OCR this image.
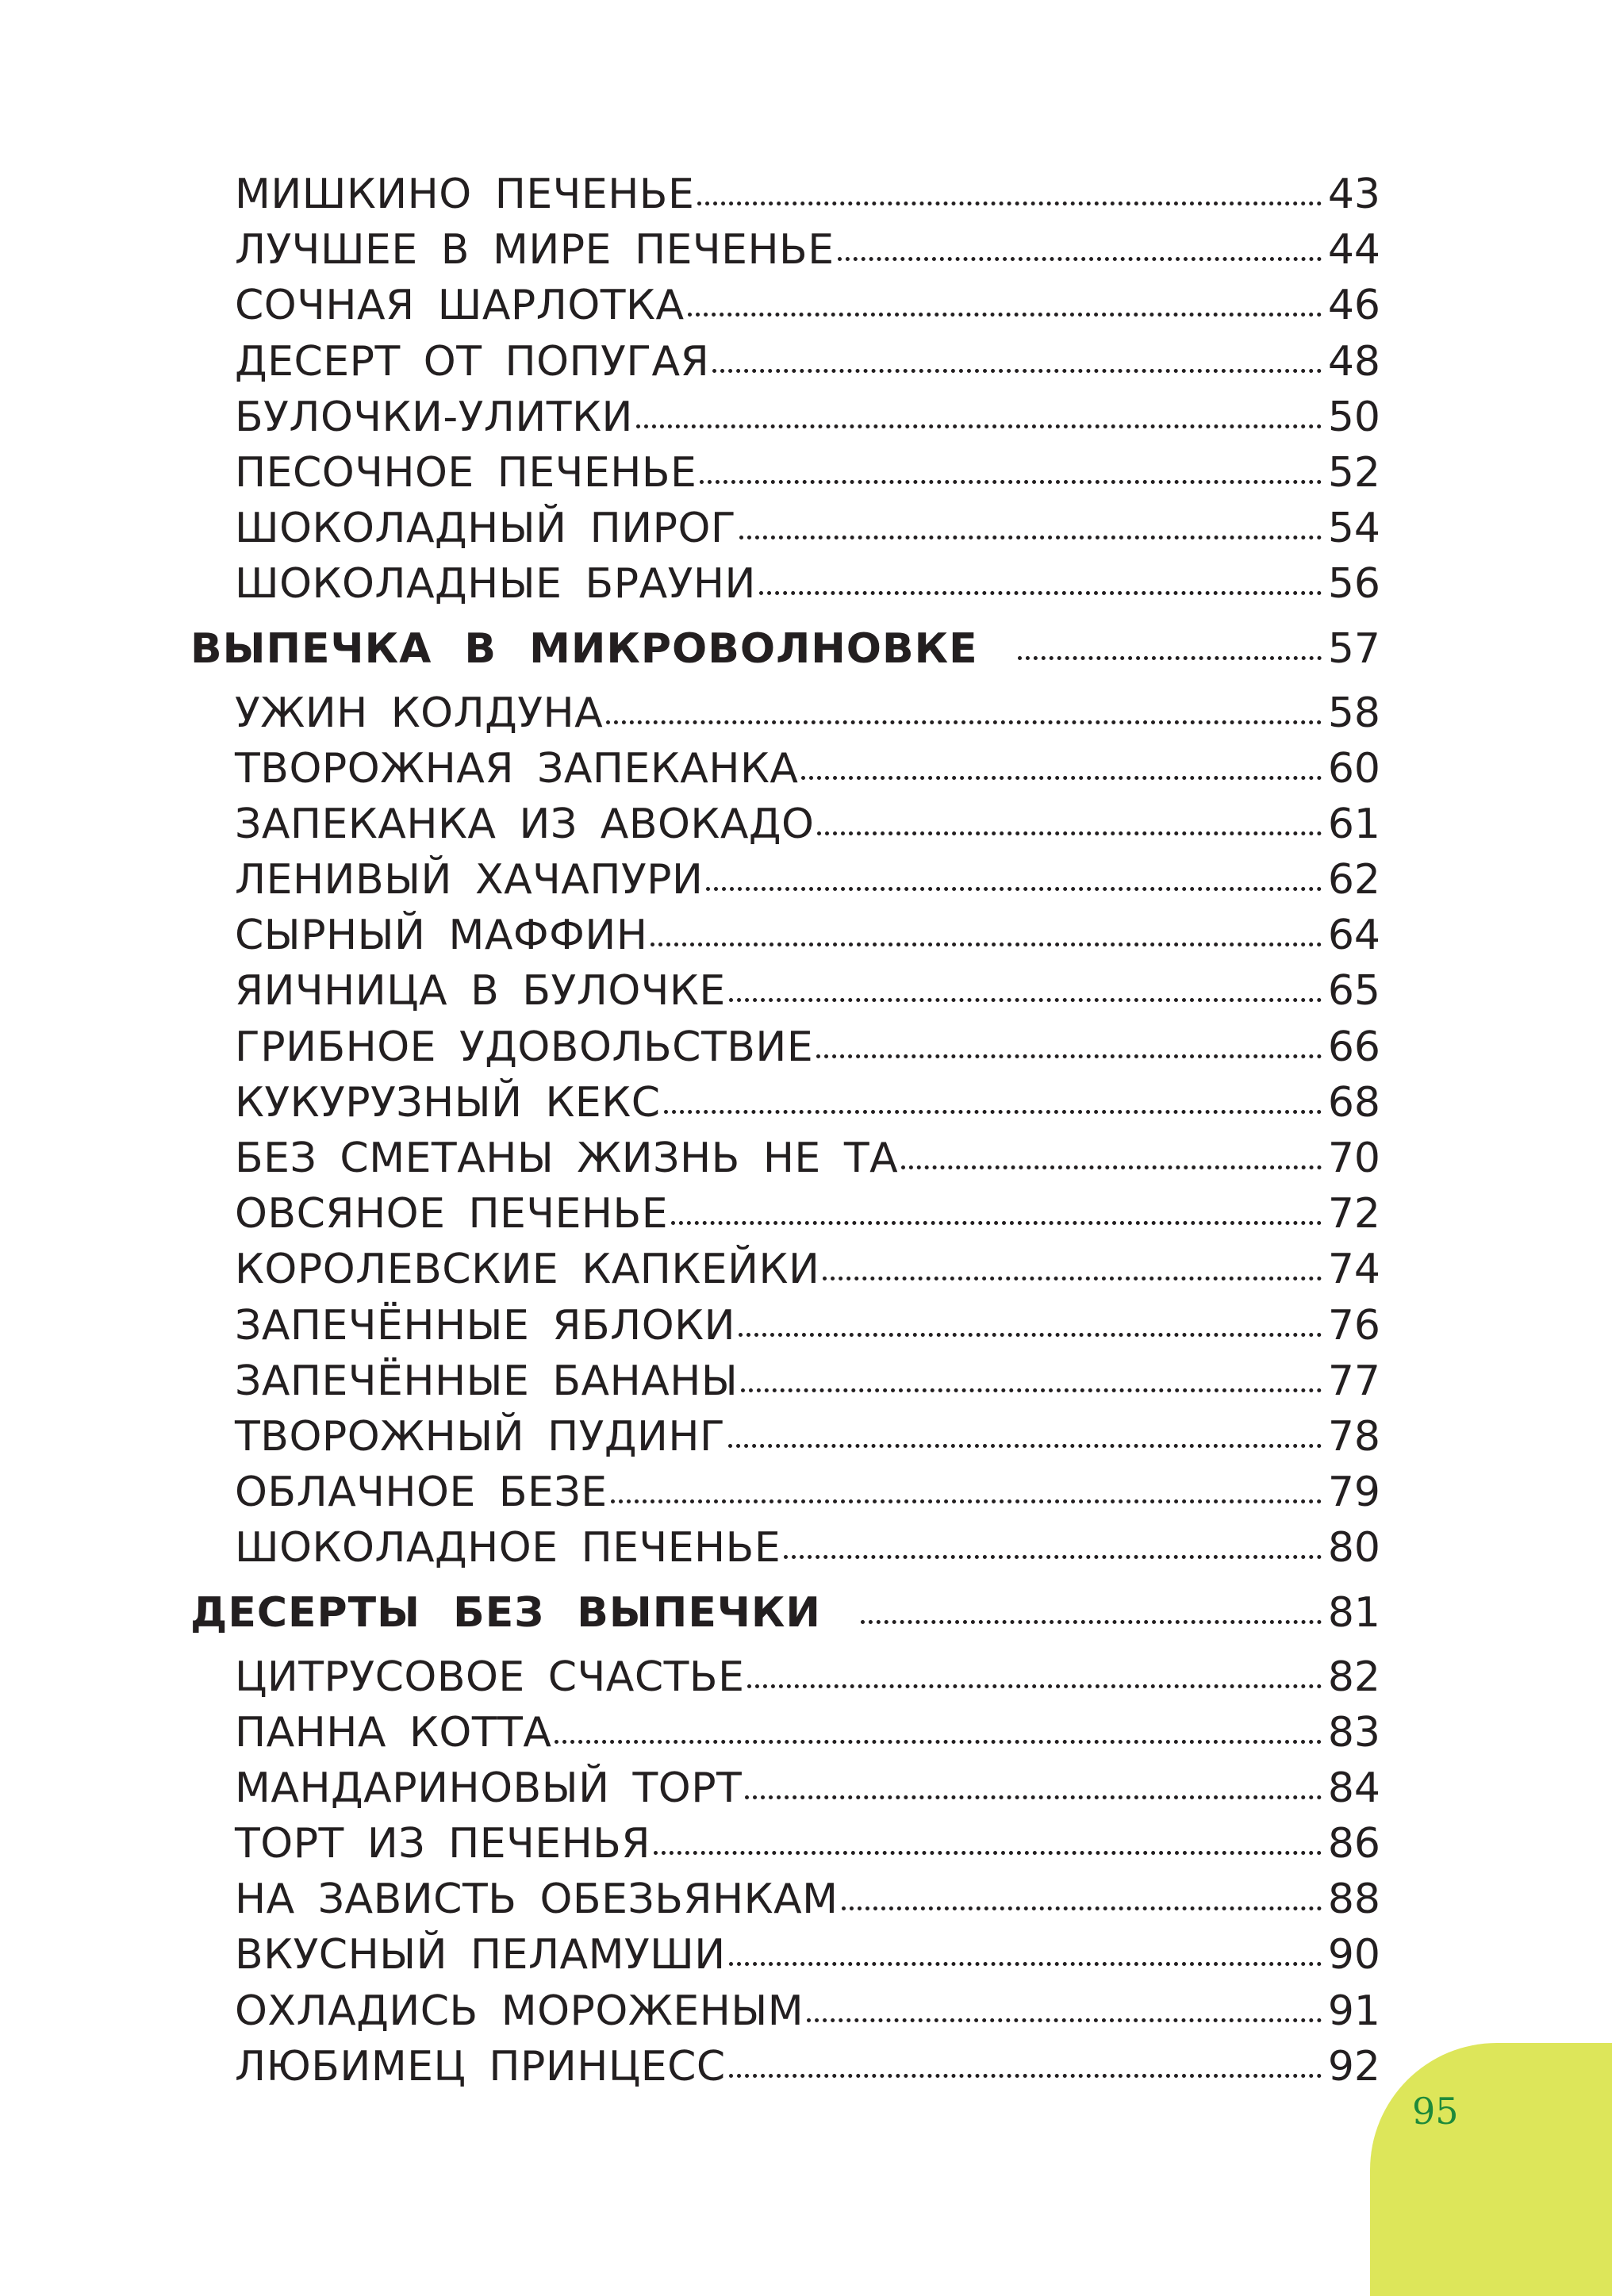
МИШКИНО ПЕЧЕНЬЕ	43
ЛУЧШЕЕ В МИРЕ ПЕЧЕНЬЕ	44
СОЧНАЯ ШАРЛОТКА	46
ДЕСЕРТ ОТ ПОПУГАЯ	48
БУЛОЧКИ-УЛИТКИ	50
ПЕСОЧНОЕ ПЕЧЕНЬЕ	52
ШОКОЛАДНЫЙ ПИРОГ	54
ШОКОЛАДНЫЕ БРАУНИ	56
ВЫПЕЧКА В МИКРОВОЛНОВКЕ	57
УЖИН КОЛДУНА	58
ТВОРОЖНАЯ ЗАПЕКАНКА	60
ЗАПЕКАНКА ИЗ АВОКАДО	61
ЛЕНИВЫЙ ХАЧАПУРИ	62
СЫРНЫЙ МАФФИН	64
ЯИЧНИЦА В БУЛОЧКЕ	65
ГРИБНОЕ УДОВОЛЬСТВИЕ	66
КУКУРУЗНЫЙ КЕКС	68
БЕЗ СМЕТАНЫ ЖИЗНЬ НЕ ТА	70
ОВСЯНОЕ ПЕЧЕНЬЕ	72
КОРОЛЕВСКИЕ КАПКЕЙКИ	74
ЗАПЕЧЁННЫЕ ЯБЛОКИ	76
ЗАПЕЧЁННЫЕ БАНАНЫ	77
ТВОРОЖНЫЙ ПУДИНГ	78
ОБЛАЧНОЕ БЕЗЕ	79
ШОКОЛАДНОЕ ПЕЧЕНЬЕ	80
ДЕСЕРТЫ БЕЗ ВЫПЕЧКИ	81
ЦИТРУСОВОЕ СЧАСТЬЕ	82
ПАННА КОТТА	83
МАНДАРИНОВЫЙ ТОРТ	84
ТОРТ ИЗ ПЕЧЕНЬЯ	86
НА ЗАВИСТЬ ОБЕЗЬЯНКАМ	88
ВКУСНЫЙ ПЕЛАМУШИ	90
ОХЛАДИСЬ МОРОЖЕНЫМ	91
ЛЮБИМЕЦ ПРИНЦЕСС	92
95
